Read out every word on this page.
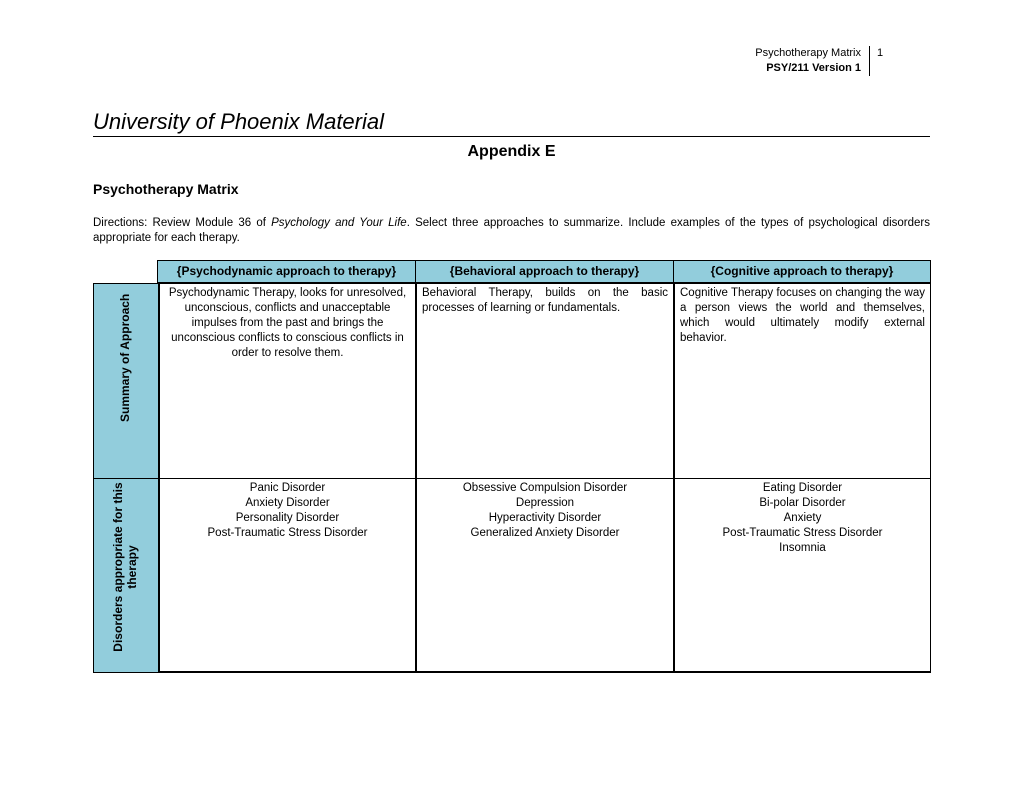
Psychotherapy Matrix
PSY/211 Version 1
1
University of Phoenix Material
Appendix E
Psychotherapy Matrix
Directions: Review Module 36 of Psychology and Your Life. Select three approaches to summarize. Include examples of the types of psychological disorders appropriate for each therapy.
{Psychodynamic approach to therapy}	{Behavioral approach to therapy}	{Cognitive approach to therapy}
Summary of Approach
Disorders appropriate for this therapy
Psychodynamic Therapy, looks for unresolved, unconscious, conflicts and unacceptable impulses from the past and brings the unconscious conflicts to conscious conflicts in order to resolve them.
Behavioral Therapy, builds on the basic processes of learning or fundamentals.
Cognitive Therapy focuses on changing the way a person views the world and themselves, which would ultimately modify external behavior.
Panic Disorder
Anxiety Disorder
Personality Disorder
Post-Traumatic Stress Disorder
Obsessive Compulsion Disorder
Depression
Hyperactivity Disorder
Generalized Anxiety Disorder
Eating Disorder
Bi-polar Disorder
Anxiety
Post-Traumatic Stress Disorder
Insomnia
